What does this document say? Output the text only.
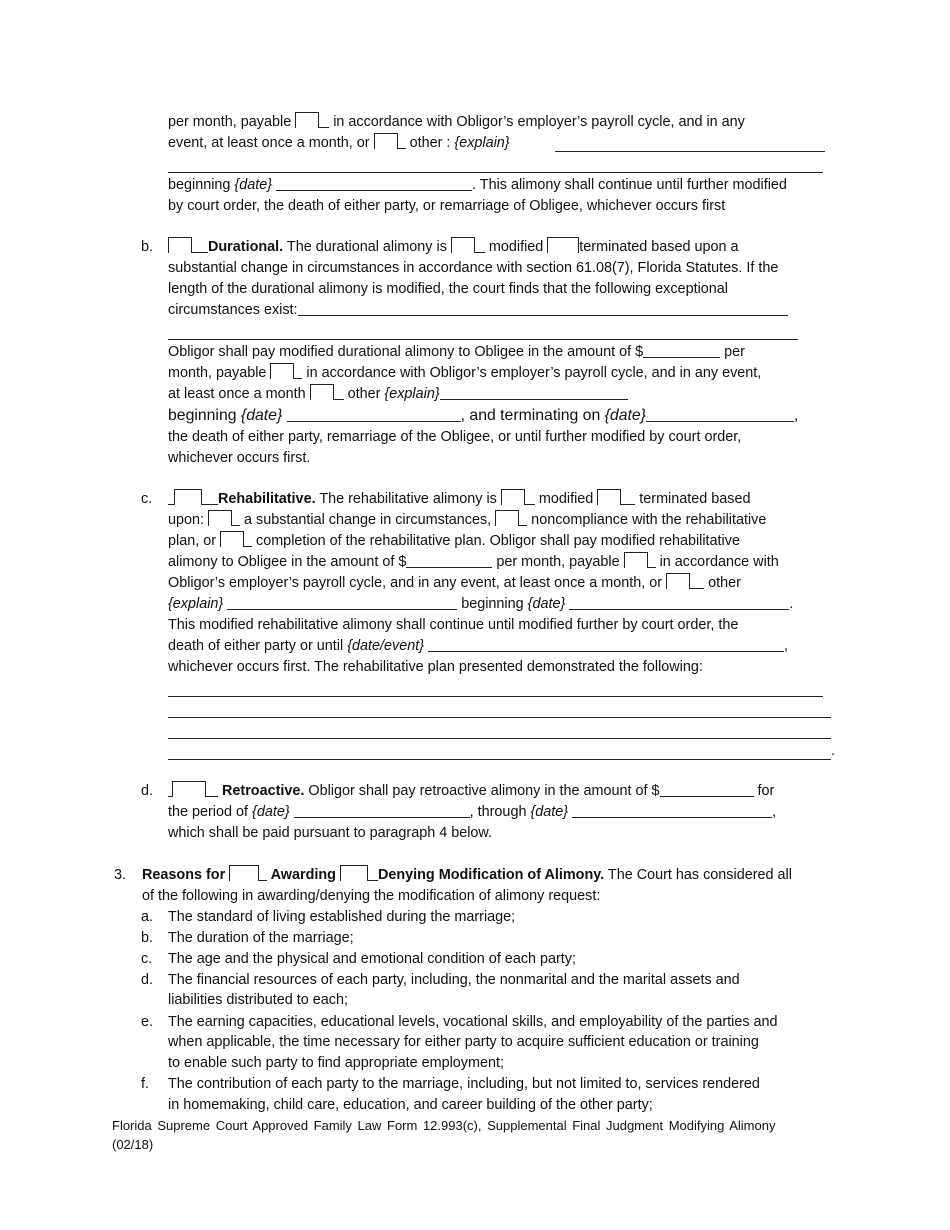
per month, payable  in accordance with Obligor’s employer’s payroll cycle, and in any
event, at least once a month, or  other : {explain}
beginning {date}	. This alimony shall continue until further modified
by court order, the death of either party, or remarriage of Obligee, whichever occurs first
b.	Durational. The durational alimony is  modified terminated based upon a
substantial change in circumstances in accordance with section 61.08(7), Florida Statutes. If the
length of the durational alimony is modified, the court finds that the following exceptional
circumstances exist:
Obligor shall pay modified durational alimony to Obligee in the amount of $	per
month, payable  in accordance with Obligor’s employer’s payroll cycle, and in any event,
at least once a month  other {explain}
beginning {date}	, and terminating on {date}	,
the death of either party, remarriage of the Obligee, or until further modified by court order,
whichever occurs first.
c.	Rehabilitative. The rehabilitative alimony is  modified	terminated based
upon:  a substantial change in circumstances,  noncompliance with the rehabilitative
plan, or  completion of the rehabilitative plan. Obligor shall pay modified rehabilitative
alimony to Obligee in the amount of $	per month, payable  in accordance with
Obligor’s employer’s payroll cycle, and in any event, at least once a month, or	other
{explain}	beginning {date}	.
This modified rehabilitative alimony shall continue until modified further by court order, the
death of either party or until {date/event}	,
whichever occurs first. The rehabilitative plan presented demonstrated the following:
.
d.	Retroactive. Obligor shall pay retroactive alimony in the amount of $	for
the period of {date}	, through {date}	,
which shall be paid pursuant to paragraph 4 below.
3. Reasons for	Awarding	Denying Modification of Alimony. The Court has considered all
of the following in awarding/denying the modification of alimony request:
a. The standard of living established during the marriage;
b. The duration of the marriage;
c. The age and the physical and emotional condition of each party;
d. The financial resources of each party, including, the nonmarital and the marital assets and
liabilities distributed to each;
e. The earning capacities, educational levels, vocational skills, and employability of the parties and
when applicable, the time necessary for either party to acquire sufficient education or training
to enable such party to find appropriate employment;
f. The contribution of each party to the marriage, including, but not limited to, services rendered
in homemaking, child care, education, and career building of the other party;
Florida Supreme Court Approved Family Law Form 12.993(c), Supplemental Final Judgment Modifying Alimony
(02/18)
